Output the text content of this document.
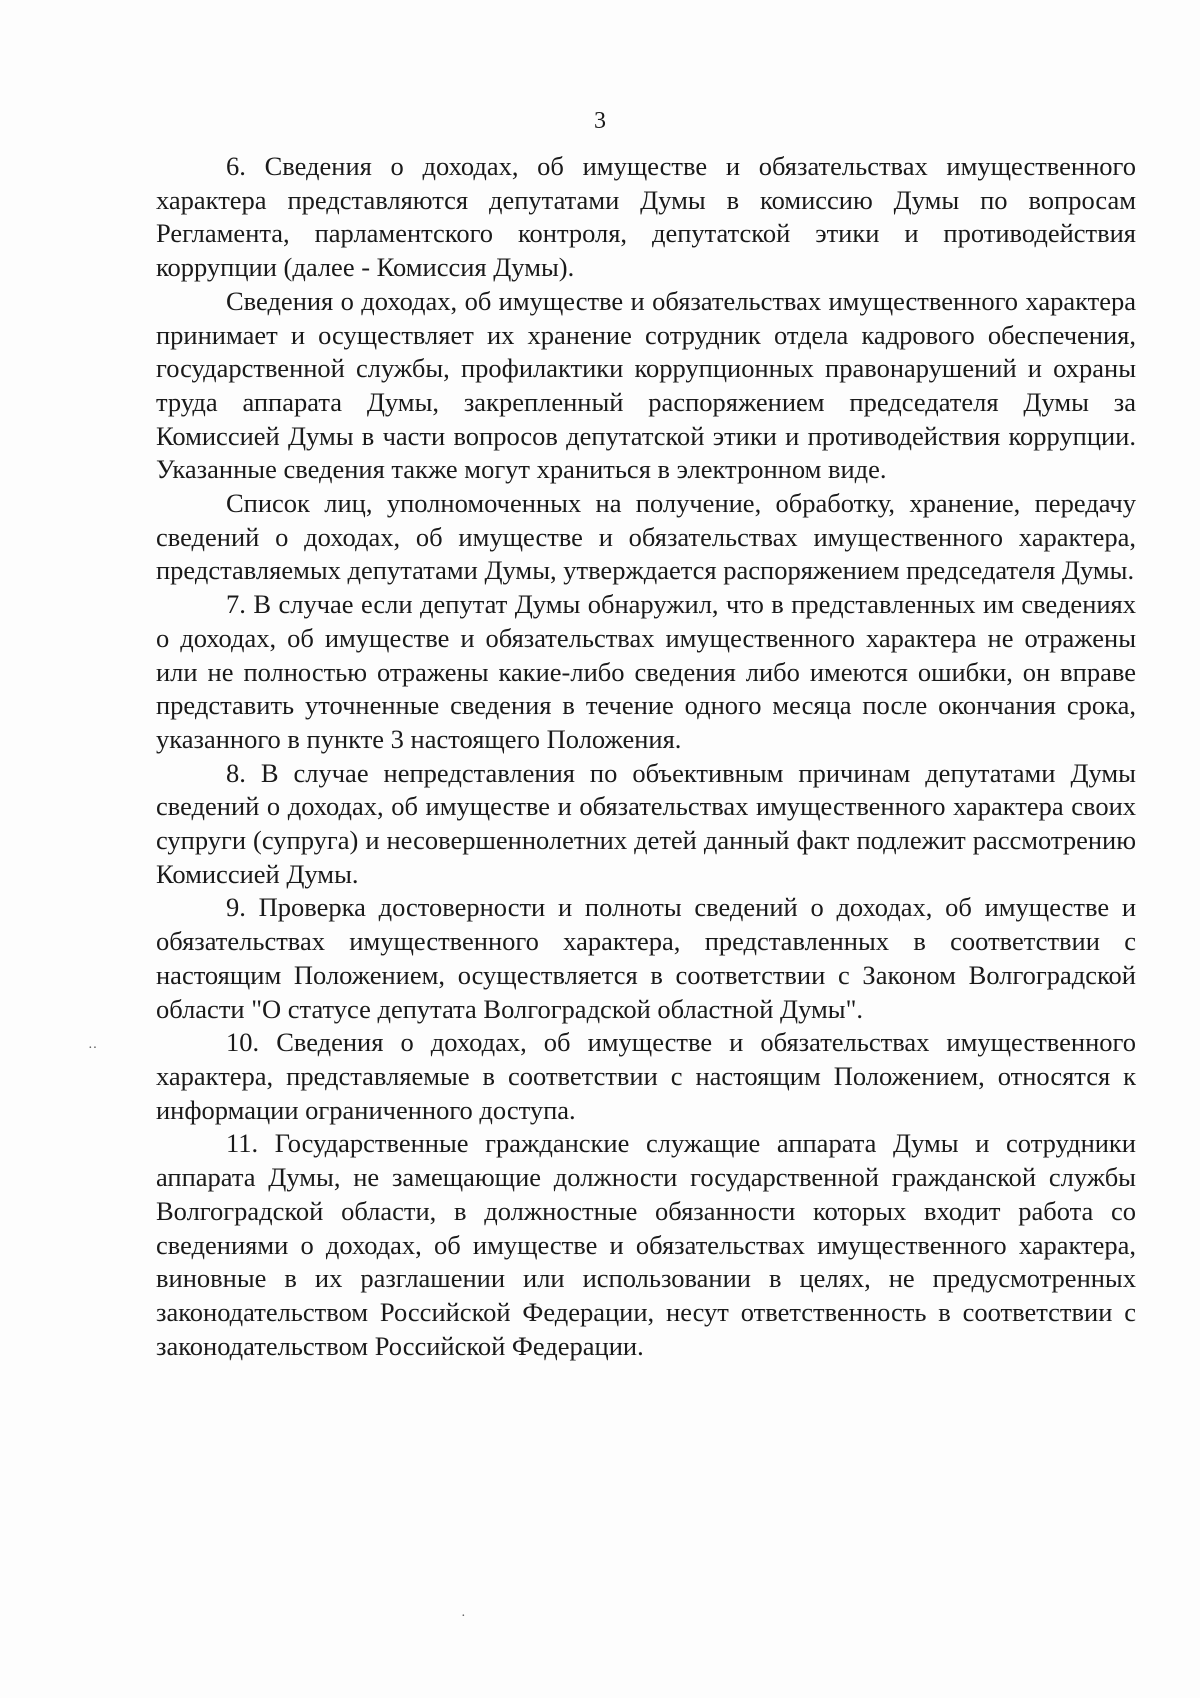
3

6. Сведения о доходах, об имуществе и обязательствах имущественного характера представляются депутатами Думы в комиссию Думы по вопросам Регламента, парламентского контроля, депутатской этики и противодействия коррупции (далее - Комиссия Думы).

Сведения о доходах, об имуществе и обязательствах имущественного характера принимает и осуществляет их хранение сотрудник отдела кадрового обеспечения, государственной службы, профилактики коррупционных правонарушений и охраны труда аппарата Думы, закрепленный распоряжением председателя Думы за Комиссией Думы в части вопросов депутатской этики и противодействия коррупции. Указанные сведения также могут храниться в электронном виде.

Список лиц, уполномоченных на получение, обработку, хранение, передачу сведений о доходах, об имуществе и обязательствах имущественного характера, представляемых депутатами Думы, утверждается распоряжением председателя Думы.

7. В случае если депутат Думы обнаружил, что в представленных им сведениях о доходах, об имуществе и обязательствах имущественного характера не отражены или не полностью отражены какие-либо сведения либо имеются ошибки, он вправе представить уточненные сведения в течение одного месяца после окончания срока, указанного в пункте 3 настоящего Положения.

8. В случае непредставления по объективным причинам депутатами Думы сведений о доходах, об имуществе и обязательствах имущественного характера своих супруги (супруга) и несовершеннолетних детей данный факт подлежит рассмотрению Комиссией Думы.

9. Проверка достоверности и полноты сведений о доходах, об имуществе и обязательствах имущественного характера, представленных в соответствии с настоящим Положением, осуществляется в соответствии с Законом Волгоградской области "О статусе депутата Волгоградской областной Думы".

10. Сведения о доходах, об имуществе и обязательствах имущественного характера, представляемые в соответствии с настоящим Положением, относятся к информации ограниченного доступа.

11. Государственные гражданские служащие аппарата Думы и сотрудники аппарата Думы, не замещающие должности государственной гражданской службы Волгоградской области, в должностные обязанности которых входит работа со сведениями о доходах, об имуществе и обязательствах имущественного характера, виновные в их разглашении или использовании в целях, не предусмотренных законодательством Российской Федерации, несут ответственность в соответствии с законодательством Российской Федерации.

··
·
